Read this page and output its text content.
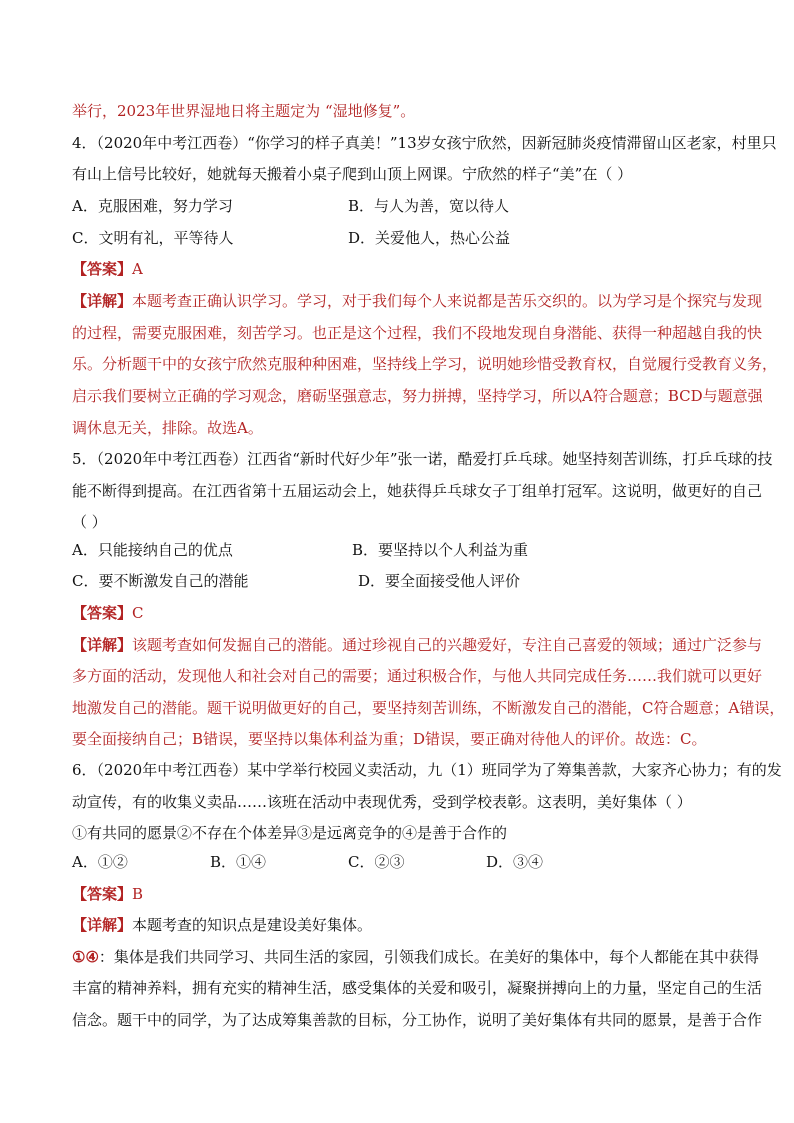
举行，2023年世界湿地日将主题定为 “湿地修复”。
4．（2020年中考江西卷）“你学习的样子真美！”13岁女孩宁欣然，因新冠肺炎疫情滞留山区老家，村里只
有山上信号比较好，她就每天搬着小桌子爬到山顶上网课。宁欣然的样子“美”在（ ）
A．克服困难，努力学习	B．与人为善，宽以待人
C．文明有礼，平等待人	D．关爱他人，热心公益
【答案】A
【详解】本题考查正确认识学习。学习，对于我们每个人来说都是苦乐交织的。以为学习是个探究与发现
的过程，需要克服困难，刻苦学习。也正是这个过程，我们不段地发现自身潜能、获得一种超越自我的快
乐。分析题干中的女孩宁欣然克服种种困难，坚持线上学习，说明她珍惜受教育权，自觉履行受教育义务，
启示我们要树立正确的学习观念，磨砺坚强意志，努力拼搏，坚持学习，所以A符合题意；BCD与题意强
调休息无关，排除。故选A。
5．（2020年中考江西卷）江西省“新时代好少年”张一诺，酷爱打乒乓球。她坚持刻苦训练，打乒乓球的技
能不断得到提高。在江西省第十五届运动会上，她获得乒乓球女子丁组单打冠军。这说明，做更好的自己
（ ）
A．只能接纳自己的优点	B．要坚持以个人利益为重
C．要不断激发自己的潜能	D．要全面接受他人评价
【答案】C
【详解】该题考查如何发掘自己的潜能。通过珍视自己的兴趣爱好，专注自己喜爱的领域；通过广泛参与
多方面的活动，发现他人和社会对自己的需要；通过积极合作，与他人共同完成任务……我们就可以更好
地激发自己的潜能。题干说明做更好的自己，要坚持刻苦训练，不断激发自己的潜能，C符合题意；A错误，
要全面接纳自己；B错误，要坚持以集体利益为重；D错误，要正确对待他人的评价。故选：C。
6．（2020年中考江西卷）某中学举行校园义卖活动，九（1）班同学为了筹集善款，大家齐心协力；有的发
动宣传，有的收集义卖品……该班在活动中表现优秀，受到学校表彰。这表明，美好集体（ ）
①有共同的愿景②不存在个体差异③是远离竞争的④是善于合作的
A．①②	B．①④	C．②③	D．③④
【答案】B
【详解】本题考查的知识点是建设美好集体。
①④：集体是我们共同学习、共同生活的家园，引领我们成长。在美好的集体中，每个人都能在其中获得
丰富的精神养料，拥有充实的精神生活，感受集体的关爱和吸引，凝聚拼搏向上的力量，坚定自己的生活
信念。题干中的同学，为了达成筹集善款的目标，分工协作，说明了美好集体有共同的愿景，是善于合作
